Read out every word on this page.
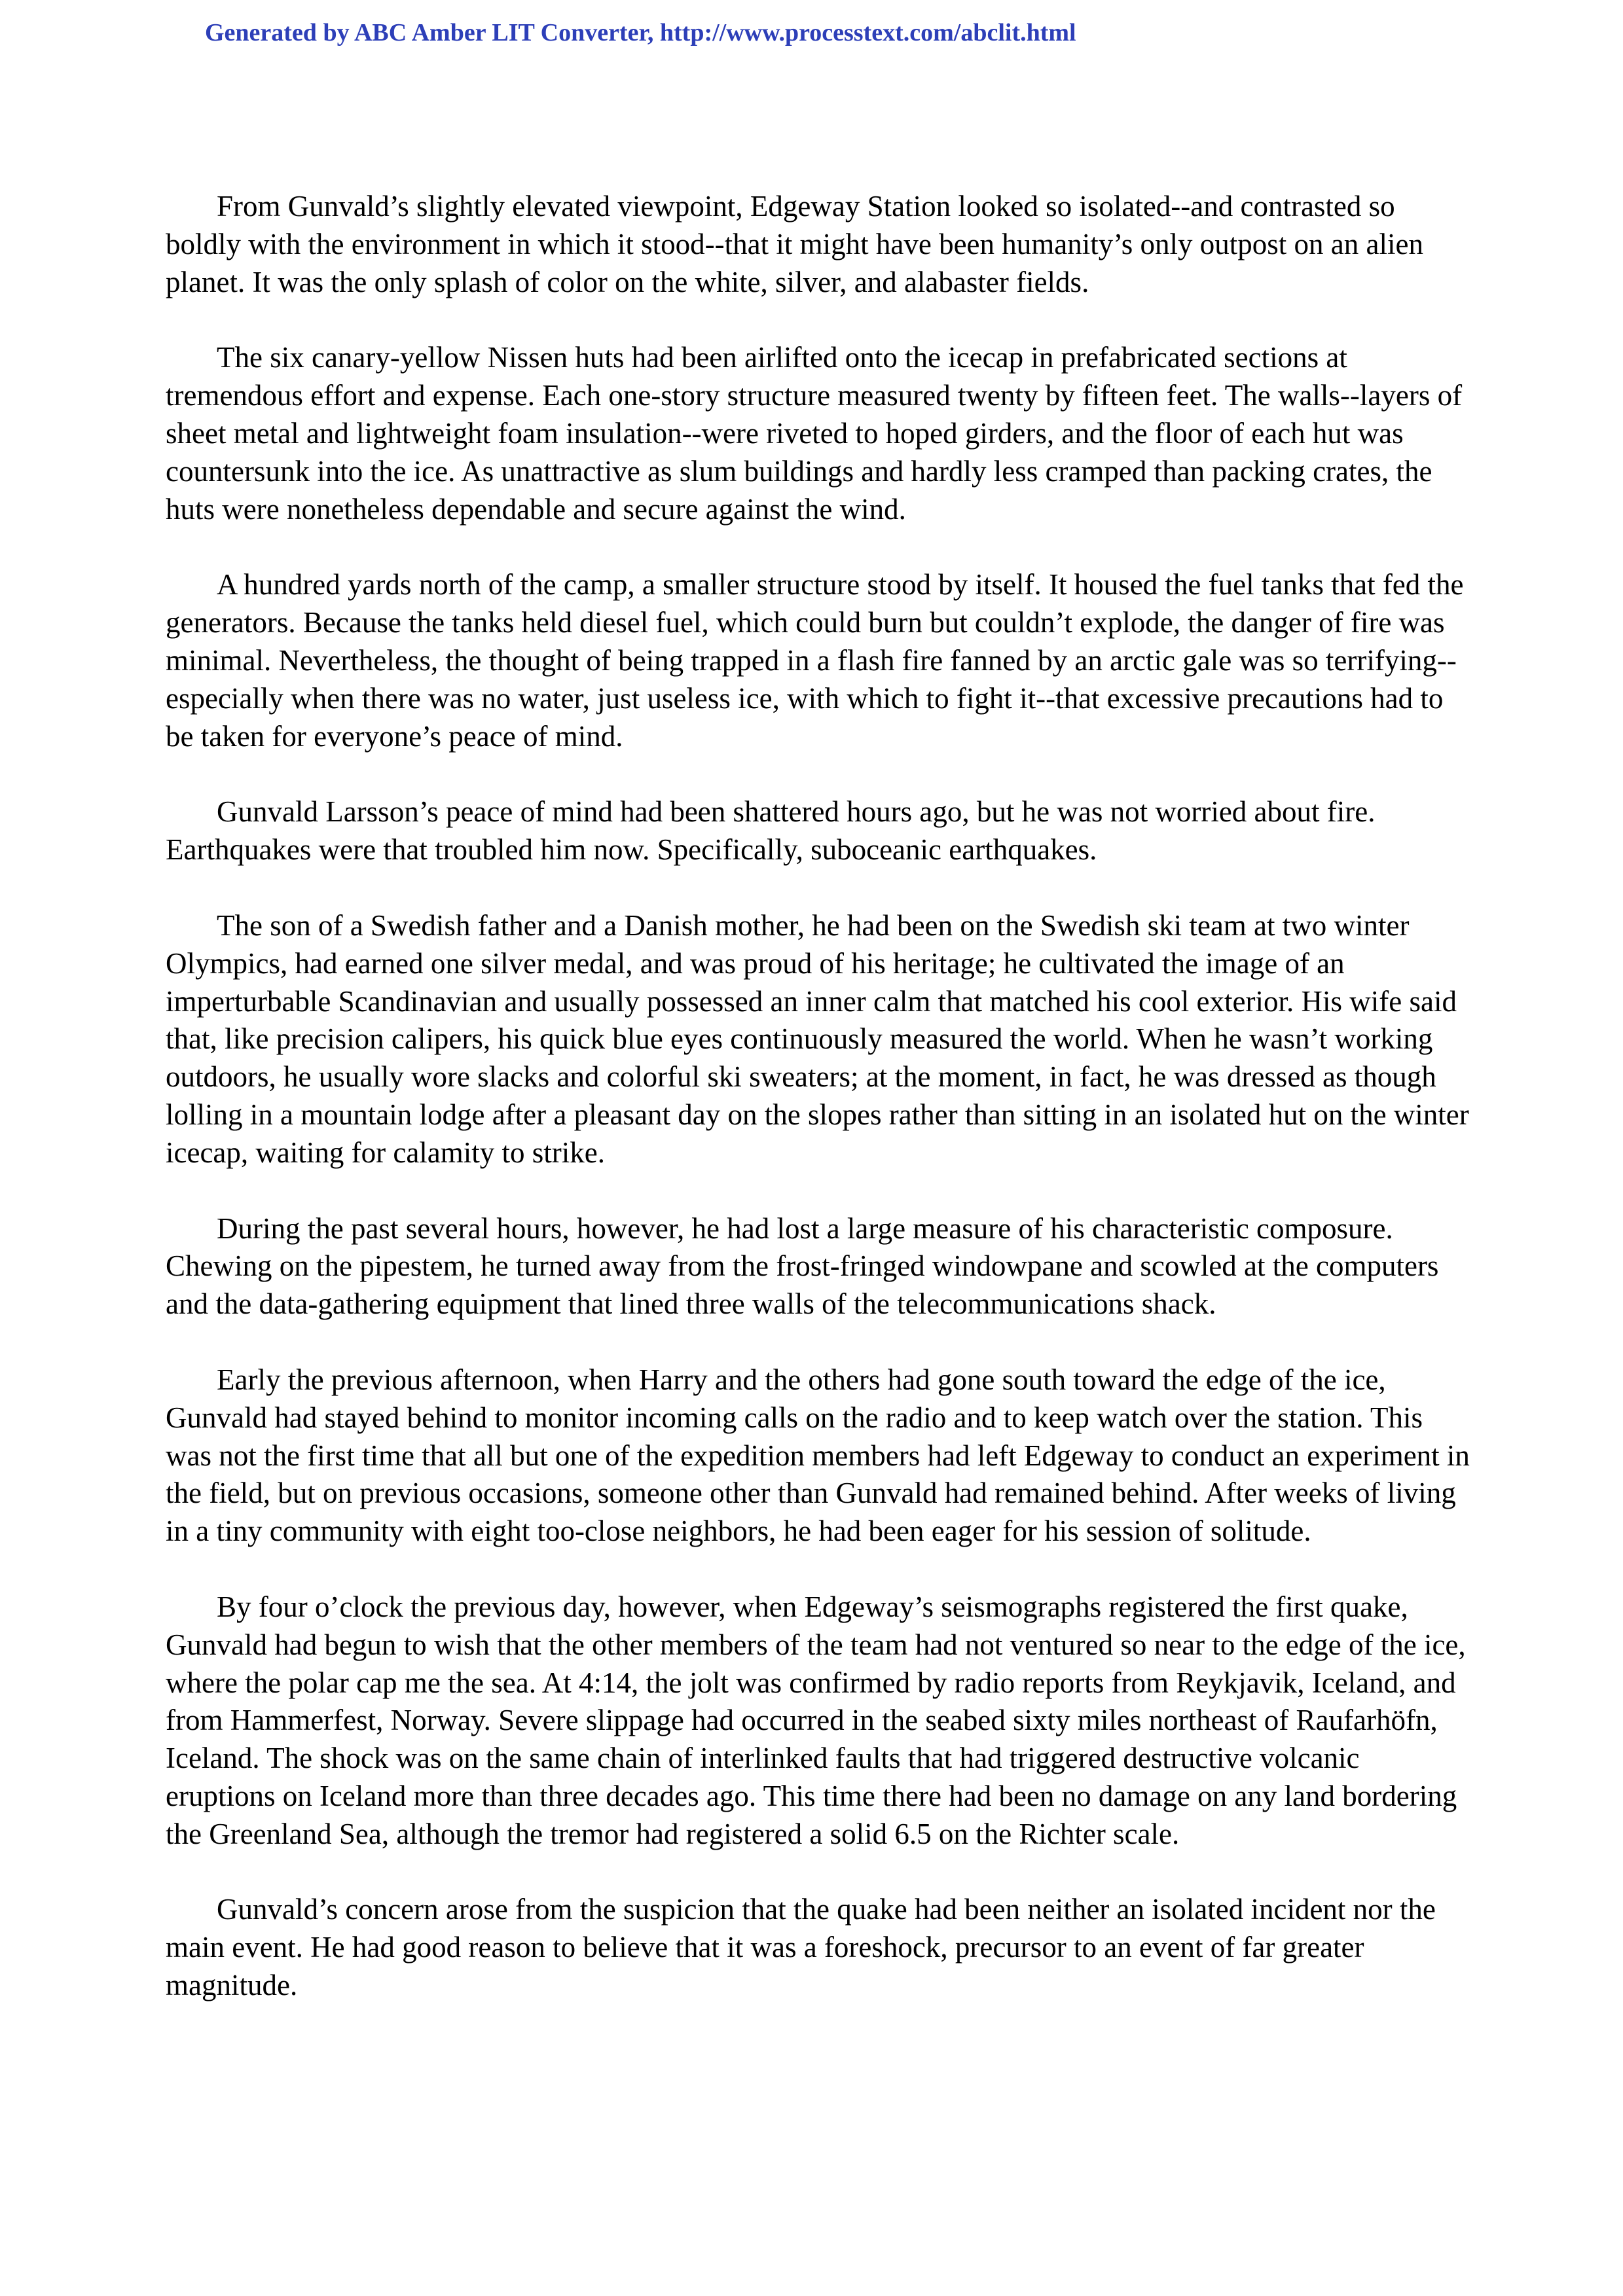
Generated by ABC Amber LIT Converter, http://www.processtext.com/abclit.html

From Gunvald’s slightly elevated viewpoint, Edgeway Station looked so isolated--and contrasted so boldly with the environment in which it stood--that it might have been humanity’s only outpost on an alien planet. It was the only splash of color on the white, silver, and alabaster fields.

The six canary-yellow Nissen huts had been airlifted onto the icecap in prefabricated sections at tremendous effort and expense. Each one-story structure measured twenty by fifteen feet. The walls--layers of sheet metal and lightweight foam insulation--were riveted to hoped girders, and the floor of each hut was countersunk into the ice. As unattractive as slum buildings and hardly less cramped than packing crates, the huts were nonetheless dependable and secure against the wind.

A hundred yards north of the camp, a smaller structure stood by itself. It housed the fuel tanks that fed the generators. Because the tanks held diesel fuel, which could burn but couldn’t explode, the danger of fire was minimal. Nevertheless, the thought of being trapped in a flash fire fanned by an arctic gale was so terrifying--especially when there was no water, just useless ice, with which to fight it--that excessive precautions had to be taken for everyone’s peace of mind.

Gunvald Larsson’s peace of mind had been shattered hours ago, but he was not worried about fire. Earthquakes were that troubled him now. Specifically, suboceanic earthquakes.

The son of a Swedish father and a Danish mother, he had been on the Swedish ski team at two winter Olympics, had earned one silver medal, and was proud of his heritage; he cultivated the image of an imperturbable Scandinavian and usually possessed an inner calm that matched his cool exterior. His wife said that, like precision calipers, his quick blue eyes continuously measured the world. When he wasn’t working outdoors, he usually wore slacks and colorful ski sweaters; at the moment, in fact, he was dressed as though lolling in a mountain lodge after a pleasant day on the slopes rather than sitting in an isolated hut on the winter icecap, waiting for calamity to strike.

During the past several hours, however, he had lost a large measure of his characteristic composure. Chewing on the pipestem, he turned away from the frost-fringed windowpane and scowled at the computers and the data-gathering equipment that lined three walls of the telecommunications shack.

Early the previous afternoon, when Harry and the others had gone south toward the edge of the ice, Gunvald had stayed behind to monitor incoming calls on the radio and to keep watch over the station. This was not the first time that all but one of the expedition members had left Edgeway to conduct an experiment in the field, but on previous occasions, someone other than Gunvald had remained behind. After weeks of living in a tiny community with eight too-close neighbors, he had been eager for his session of solitude.

By four o’clock the previous day, however, when Edgeway’s seismographs registered the first quake, Gunvald had begun to wish that the other members of the team had not ventured so near to the edge of the ice, where the polar cap me the sea. At 4:14, the jolt was confirmed by radio reports from Reykjavik, Iceland, and from Hammerfest, Norway. Severe slippage had occurred in the seabed sixty miles northeast of Raufarhöfn, Iceland. The shock was on the same chain of interlinked faults that had triggered destructive volcanic eruptions on Iceland more than three decades ago. This time there had been no damage on any land bordering the Greenland Sea, although the tremor had registered a solid 6.5 on the Richter scale.

Gunvald’s concern arose from the suspicion that the quake had been neither an isolated incident nor the main event. He had good reason to believe that it was a foreshock, precursor to an event of far greater magnitude.
